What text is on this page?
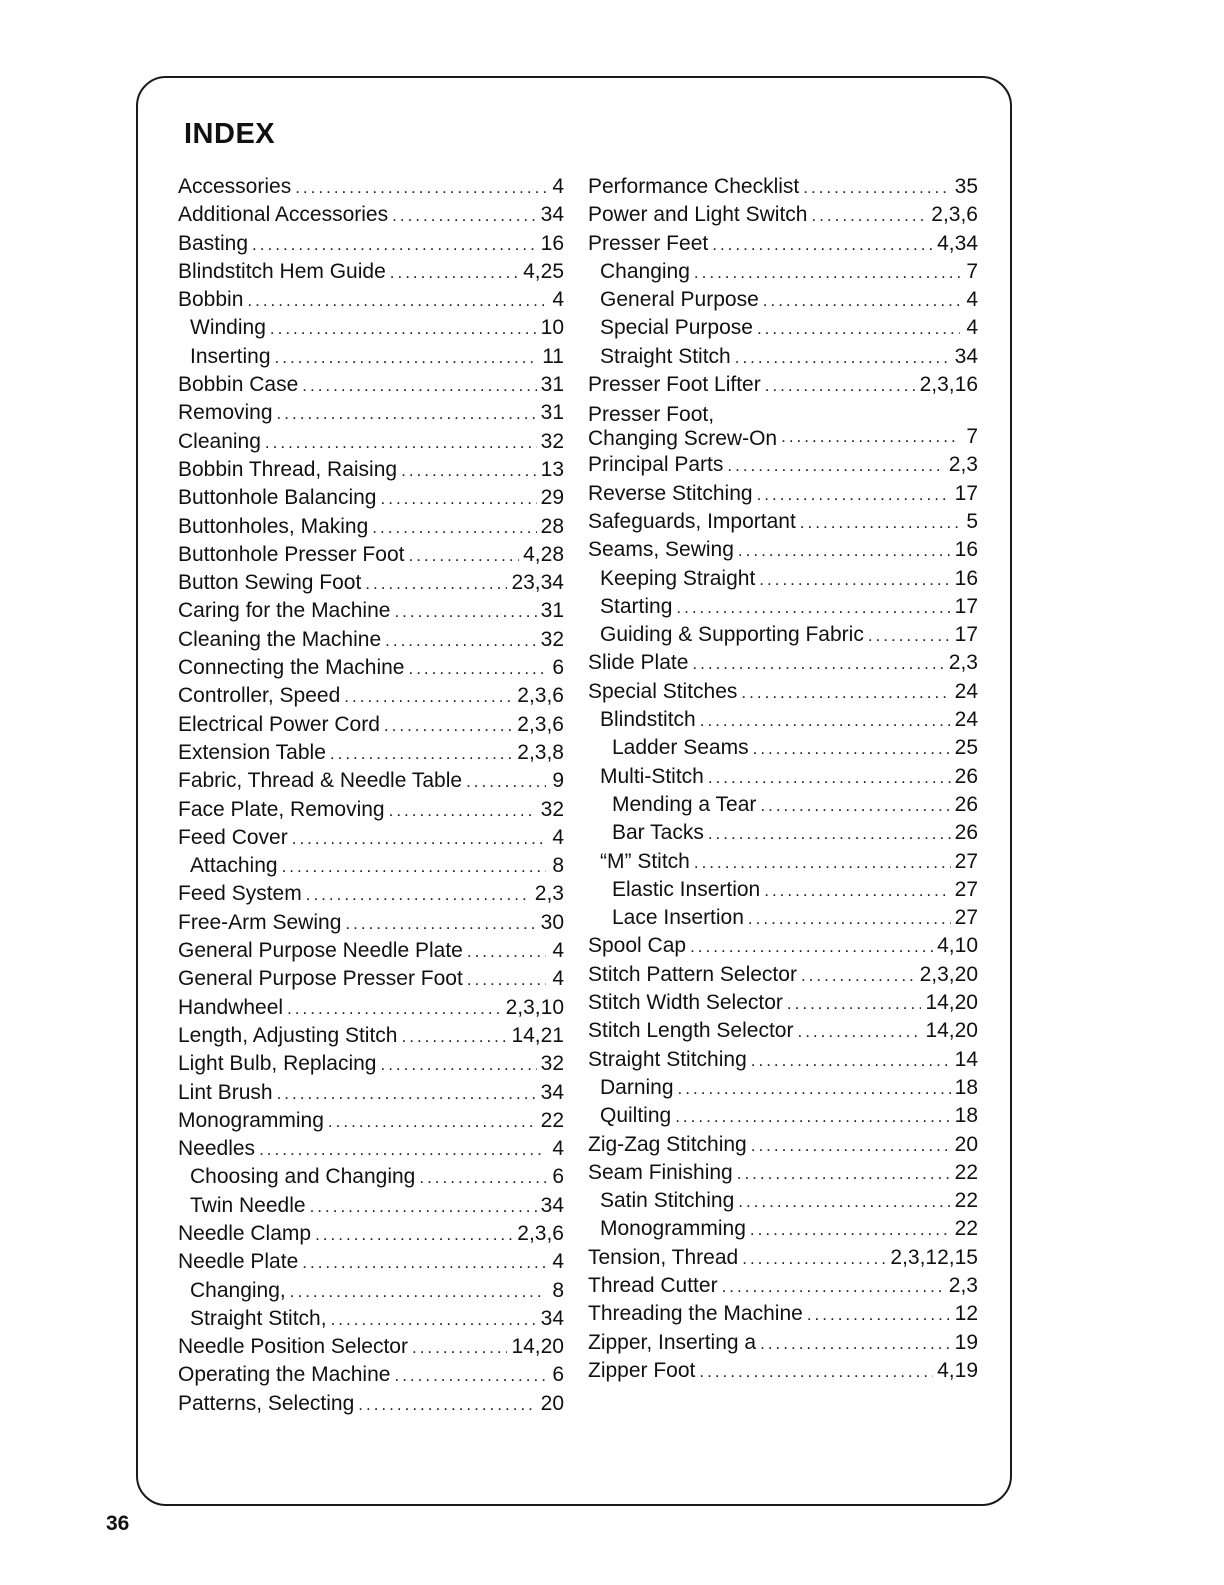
INDEX
Accessories .....	4
Additional Accessories .....	34
Basting .....	16
Blindstitch Hem Guide .....	4,25
Bobbin .....	4
Winding .....	10
Inserting .....	11
Bobbin Case .....	31
Removing .....	31
Cleaning .....	32
Bobbin Thread, Raising .....	13
Buttonhole Balancing .....	29
Buttonholes, Making .....	28
Buttonhole Presser Foot .....	4,28
Button Sewing Foot .....	23,34
Caring for the Machine .....	31
Cleaning the Machine .....	32
Connecting the Machine .....	6
Controller, Speed .....	2,3,6
Electrical Power Cord .....	2,3,6
Extension Table .....	2,3,8
Fabric, Thread & Needle Table .....	9
Face Plate, Removing .....	32
Feed Cover .....	4
Attaching .....	8
Feed System .....	2,3
Free-Arm Sewing .....	30
General Purpose Needle Plate .....	4
General Purpose Presser Foot .....	4
Handwheel .....	2,3,10
Length, Adjusting Stitch .....	14,21
Light Bulb, Replacing .....	32
Lint Brush .....	34
Monogramming .....	22
Needles .....	4
Choosing and Changing .....	6
Twin Needle .....	34
Needle Clamp .....	2,3,6
Needle Plate .....	4
Changing, .....	8
Straight Stitch, .....	34
Needle Position Selector .....	14,20
Operating the Machine .....	6
Patterns, Selecting .....	20
Performance Checklist .....	35
Power and Light Switch .....	2,3,6
Presser Feet .....	4,34
Changing .....	7
General Purpose .....	4
Special Purpose .....	4
Straight Stitch .....	34
Presser Foot Lifter .....	2,3,16
Presser Foot,
Changing Screw-On .....	7
Principal Parts .....	2,3
Reverse Stitching .....	17
Safeguards, Important .....	5
Seams, Sewing .....	16
Keeping Straight .....	16
Starting .....	17
Guiding & Supporting Fabric .....	17
Slide Plate .....	2,3
Special Stitches .....	24
Blindstitch .....	24
Ladder Seams .....	25
Multi-Stitch .....	26
Mending a Tear .....	26
Bar Tacks .....	26
“M” Stitch .....	27
Elastic Insertion .....	27
Lace Insertion .....	27
Spool Cap .....	4,10
Stitch Pattern Selector .....	2,3,20
Stitch Width Selector .....	14,20
Stitch Length Selector .....	14,20
Straight Stitching .....	14
Darning .....	18
Quilting .....	18
Zig-Zag Stitching .....	20
Seam Finishing .....	22
Satin Stitching .....	22
Monogramming .....	22
Tension, Thread .....	2,3,12,15
Thread Cutter .....	2,3
Threading the Machine .....	12
Zipper, Inserting a .....	19
Zipper Foot .....	4,19

36
